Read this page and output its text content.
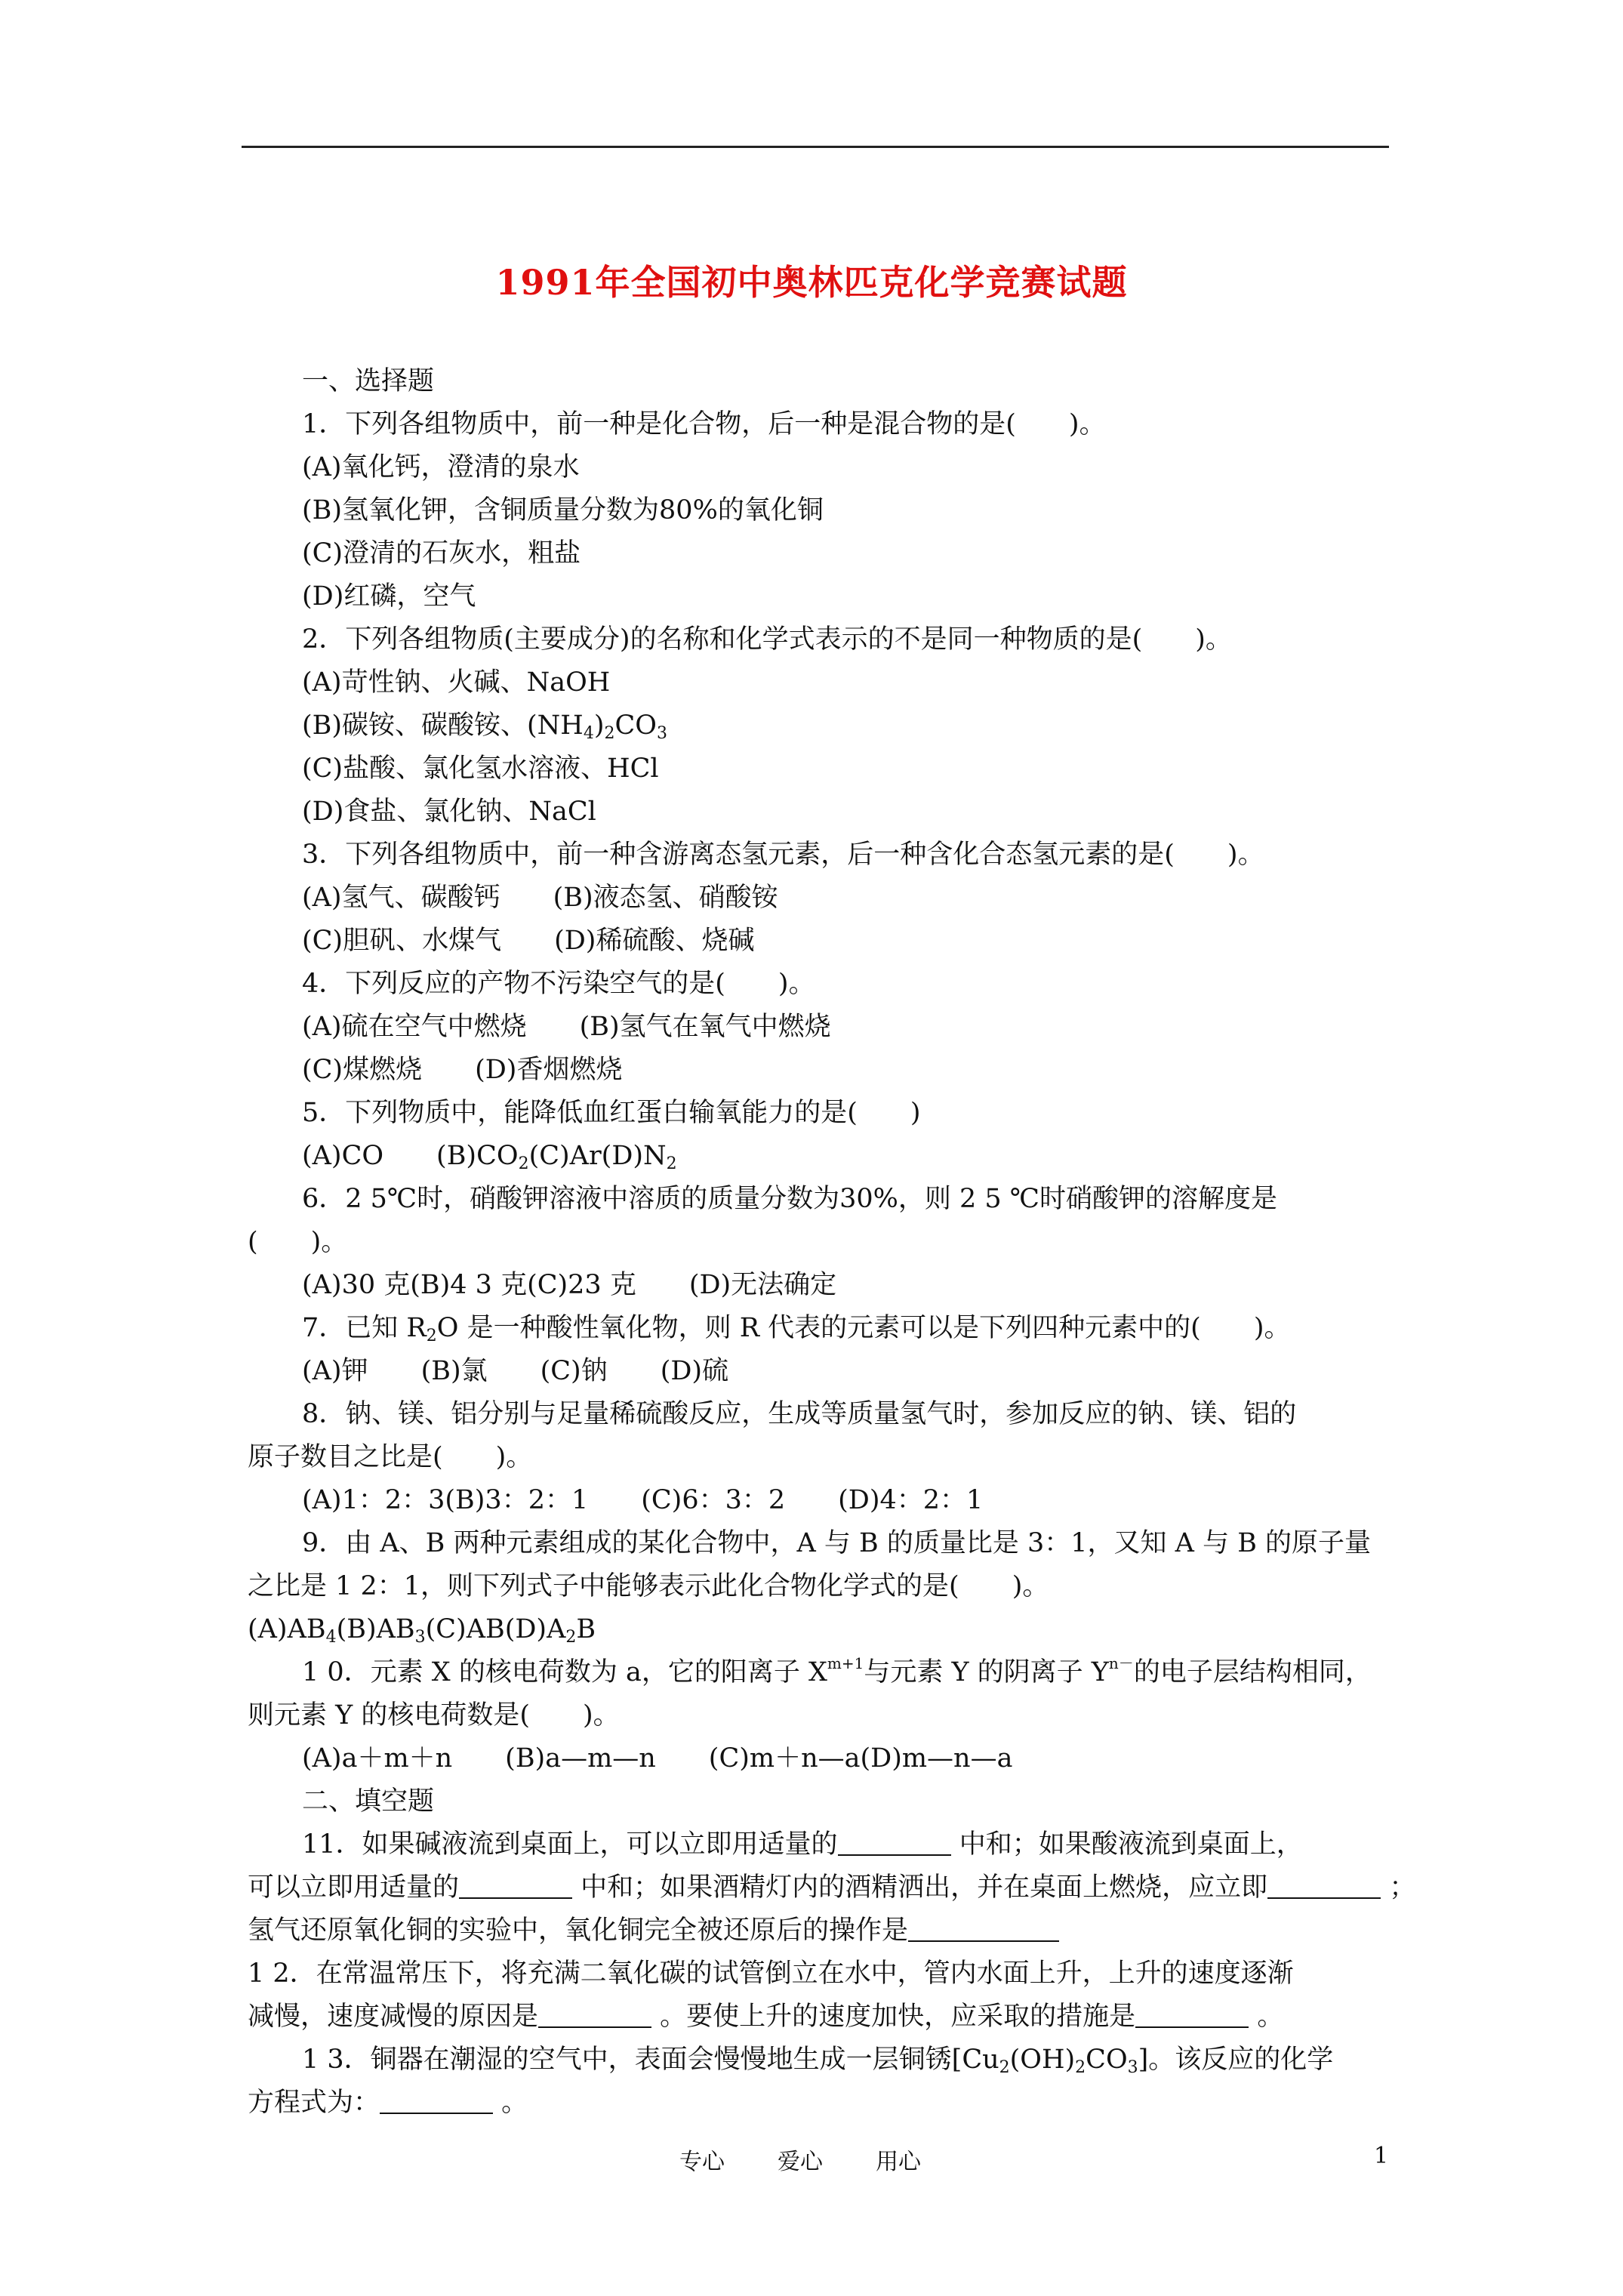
1991年全国初中奥林匹克化学竞赛试题
一、选择题
1．下列各组物质中，前一种是化合物，后一种是混合物的是(　　)。
(A)氧化钙，澄清的泉水
(B)氢氧化钾，含铜质量分数为80%的氧化铜
(C)澄清的石灰水，粗盐
(D)红磷，空气
2．下列各组物质(主要成分)的名称和化学式表示的不是同一种物质的是(　　)。
(A)苛性钠、火碱、NaOH
(B)碳铵、碳酸铵、$(NH_4)_2CO_3$
(C)盐酸、氯化氢水溶液、HCl
(D)食盐、氯化钠、NaCl
3．下列各组物质中，前一种含游离态氢元素，后一种含化合态氢元素的是(　　)。
(A)氢气、碳酸钙　　(B)液态氢、硝酸铵
(C)胆矾、水煤气　　(D)稀硫酸、烧碱
4．下列反应的产物不污染空气的是(　　)。
(A)硫在空气中燃烧　　(B)氢气在氧气中燃烧
(C)煤燃烧　　(D)香烟燃烧
5．下列物质中，能降低血红蛋白输氧能力的是(　　)
(A)CO　　$(B)CO_2(C)Ar(D)N_2$
6．2 5℃时，硝酸钾溶液中溶质的质量分数为30%，则 2 5 ℃时硝酸钾的溶解度是
(　　)。
(A)30 克(B)4 3 克(C)23 克　　(D)无法确定
7．已知 $R_2O$ 是一种酸性氧化物，则 R 代表的元素可以是下列四种元素中的(　　)。
(A)钾　　(B)氯　　(C)钠　　(D)硫
8．钠、镁、铝分别与足量稀硫酸反应，生成等质量氢气时，参加反应的钠、镁、铝的
原子数目之比是(　　)。
(A)1：2：3(B)3：2：1　　(C)6：3：2　　(D)4：2：1
9．由 A、B 两种元素组成的某化合物中，A 与 B 的质量比是 3：1，又知 A 与 B 的原子量
之比是 1 2：1，则下列式子中能够表示此化合物化学式的是(　　)。
$(A)AB_4(B)AB_3(C)AB(D)A_2B$
1 0．元素 X 的核电荷数为 a，它的阳离子 $X^{m+1}$与元素 Y 的阴离子 $Y^{n-}$的电子层结构相同，
则元素 Y 的核电荷数是(　　)。
(A)a＋m＋n　　(B)a—m—n　　(C)m＋n—a(D)m—n—a
二、填空题
11．如果碱液流到桌面上，可以立即用适量的	中和；如果酸液流到桌面上，
可以立即用适量的	中和；如果酒精灯内的酒精洒出，并在桌面上燃烧，应立即	；
氢气还原氧化铜的实验中，氧化铜完全被还原后的操作是
1 2．在常温常压下，将充满二氧化碳的试管倒立在水中，管内水面上升，上升的速度逐渐
减慢，速度减慢的原因是	。要使上升的速度加快，应采取的措施是	。
1 3．铜器在潮湿的空气中，表面会慢慢地生成一层铜锈$[Cu_2(OH)_2CO_3]$。该反应的化学
方程式为：	。
专心 爱心 用心	1
